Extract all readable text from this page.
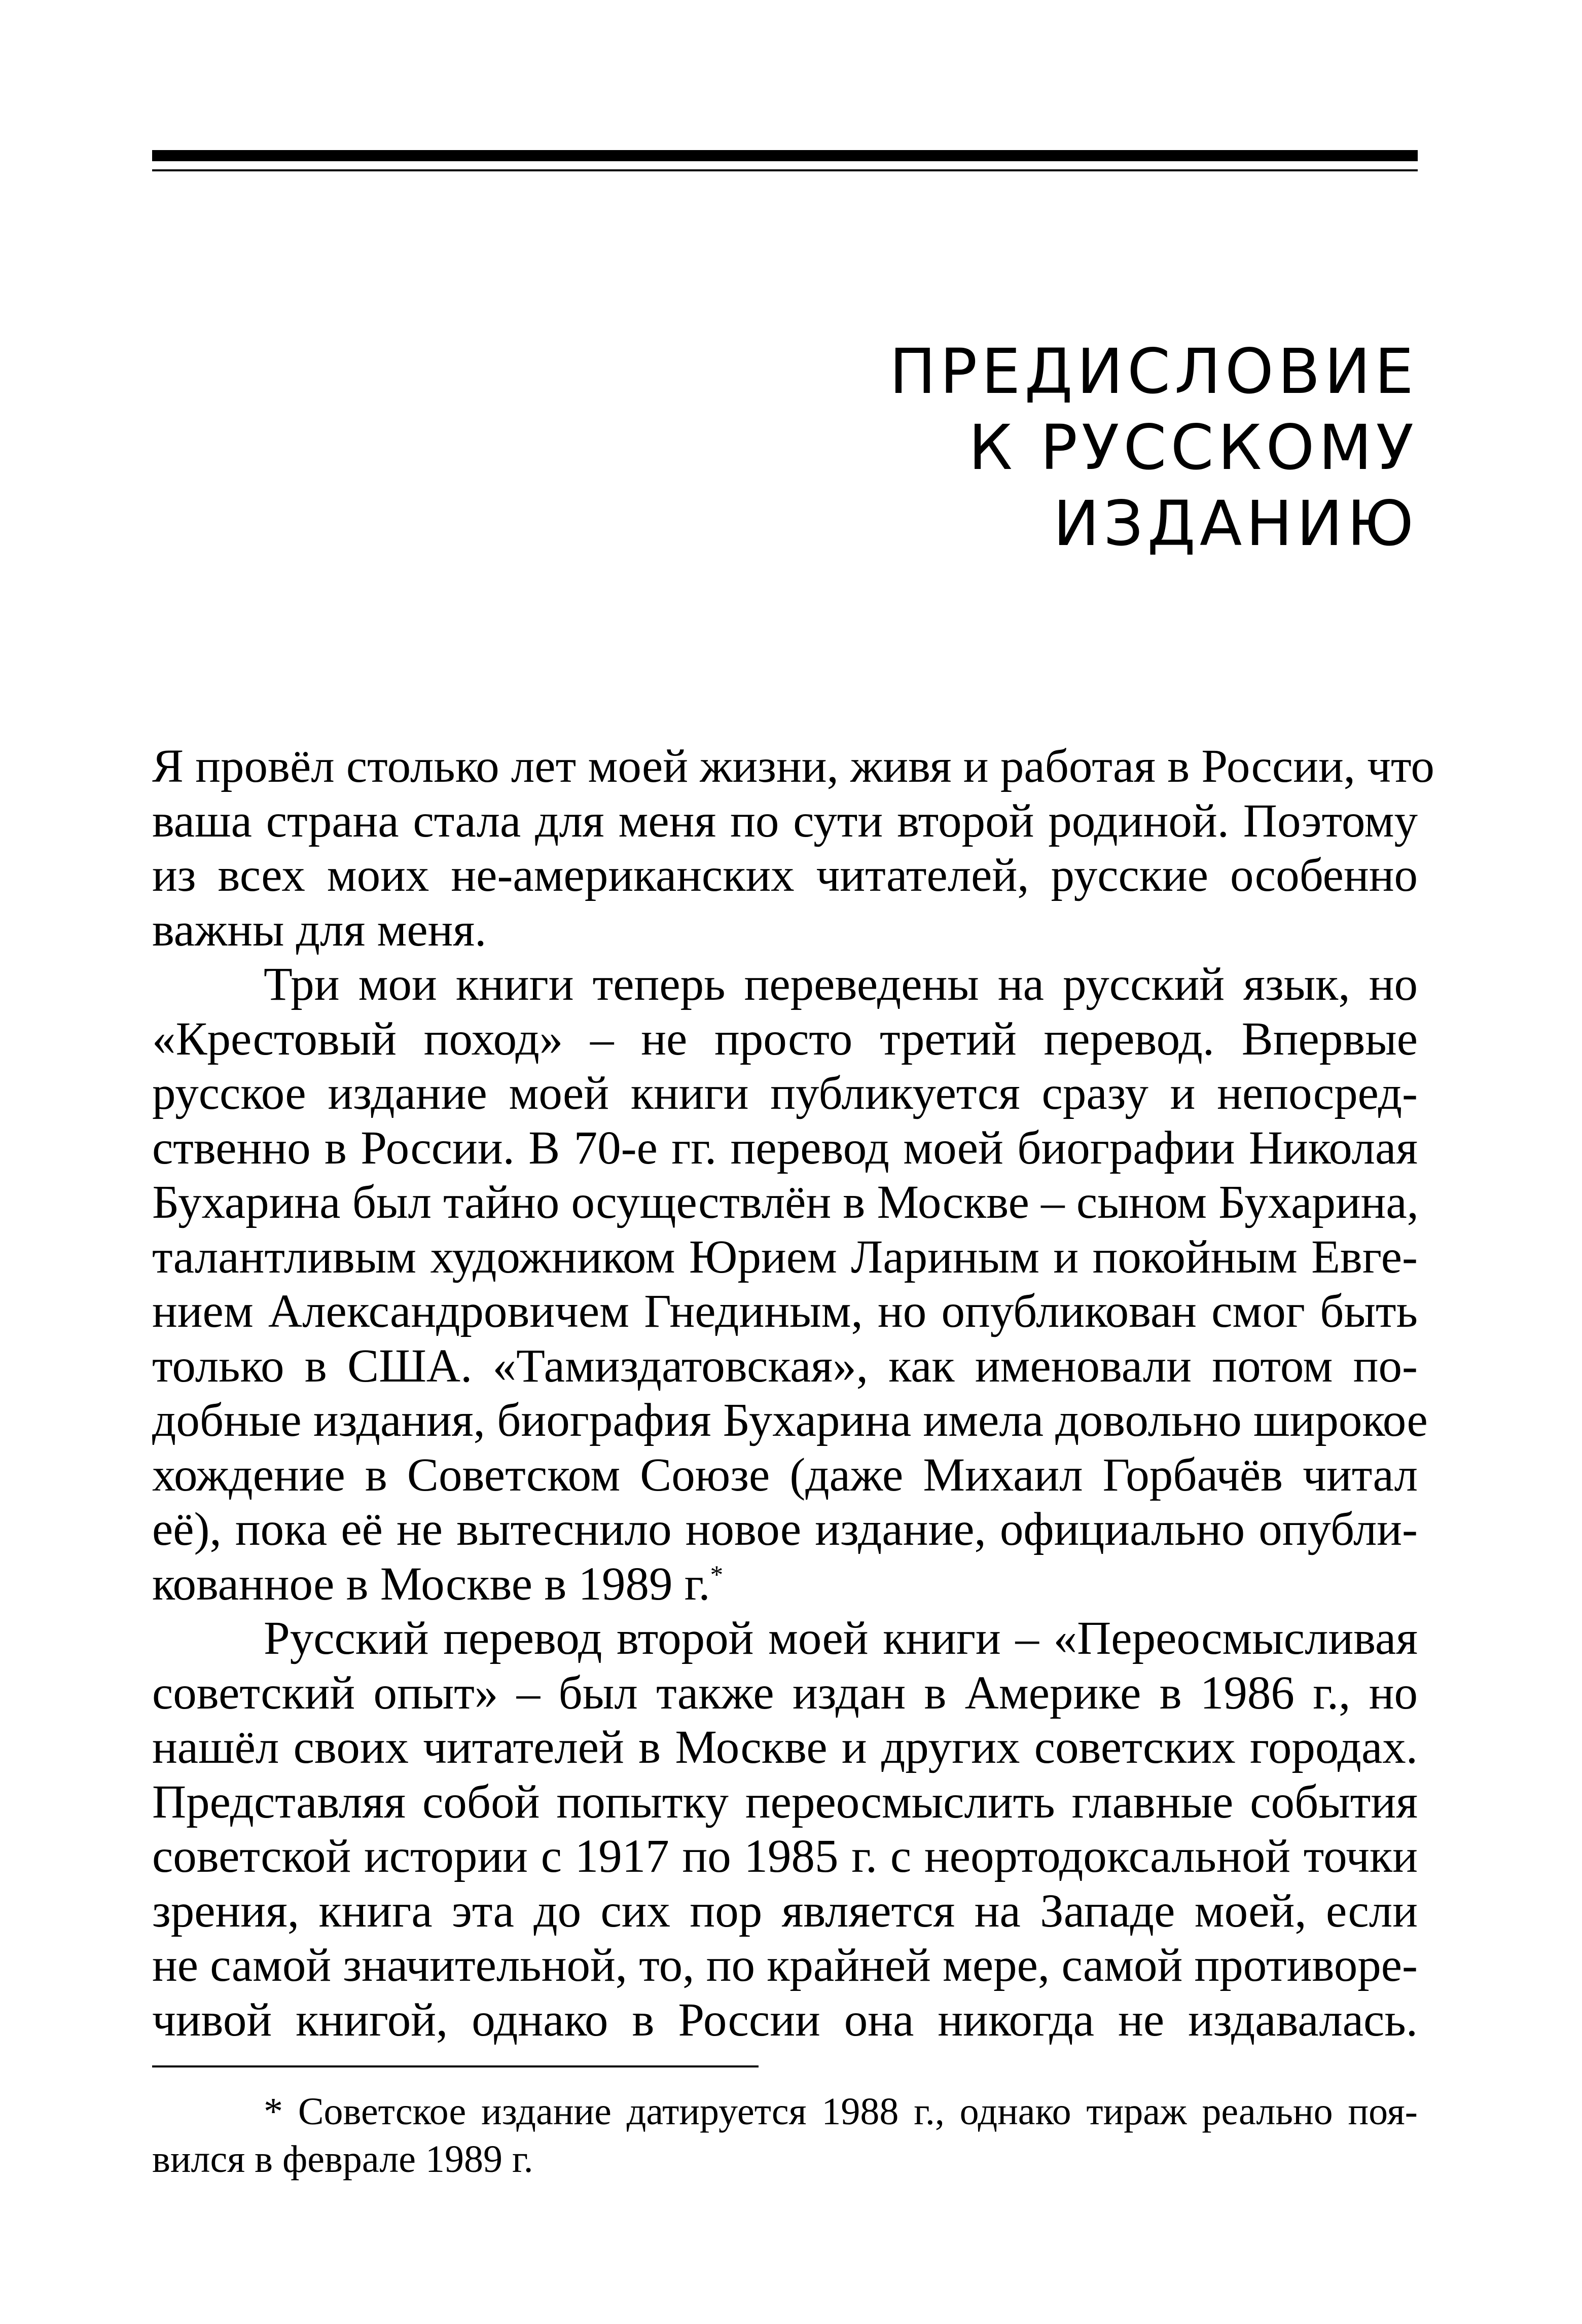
ПРЕДИСЛОВИЕ
К РУССКОМУ
ИЗДАНИЮ
Я провёл столько лет моей жизни, живя и работая в России, что
ваша страна стала для меня по сути второй родиной. Поэтому
из всех моих не-американских читателей, русские особенно
важны для меня.
Три мои книги теперь переведены на русский язык, но
«Крестовый поход» – не просто третий перевод. Впервые
русское издание моей книги публикуется сразу и непосред-
ственно в России. В 70-е гг. перевод моей биографии Николая
Бухарина был тайно осуществлён в Москве – сыном Бухарина,
талантливым художником Юрием Лариным и покойным Евге-
нием Александровичем Гнединым, но опубликован смог быть
только в США. «Тамиздатовская», как именовали потом по-
добные издания, биография Бухарина имела довольно широкое
хождение в Советском Союзе (даже Михаил Горбачёв читал
её), пока её не вытеснило новое издание, официально опубли-
кованное в Москве в 1989 г.*
Русский перевод второй моей книги – «Переосмысливая
советский опыт» – был также издан в Америке в 1986 г., но
нашёл своих читателей в Москве и других советских городах.
Представляя собой попытку переосмыслить главные события
советской истории с 1917 по 1985 г. с неортодоксальной точки
зрения, книга эта до сих пор является на Западе моей, если
не самой значительной, то, по крайней мере, самой противоре-
чивой книгой, однако в России она никогда не издавалась.
* Советское издание датируется 1988 г., однако тираж реально поя-
вился в феврале 1989 г.
